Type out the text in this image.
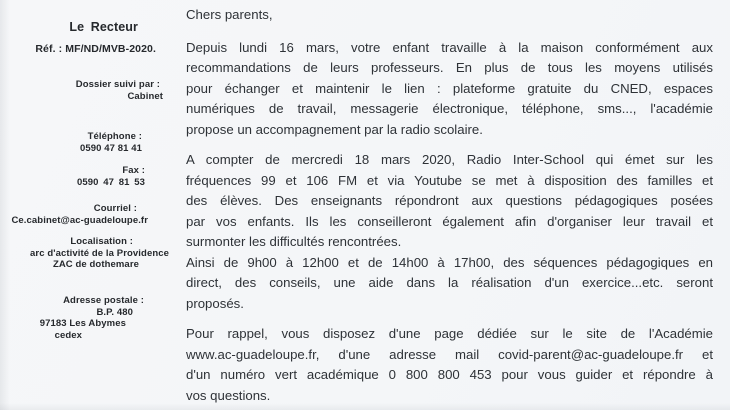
Le Recteur
Réf. : MF/ND/MVB-2020.
Dossier suivi par :
Cabinet
Téléphone :
0590 47 81 41
Fax :
0590 47 81 53
Courriel :
Ce.cabinet@ac-guadeloupe.fr
Localisation :
arc d'activité de la Providence
ZAC de dothemare
Adresse postale :
B.P. 480
97183 Les Abymes
cedex
Chers parents,

Depuis lundi 16 mars, votre enfant travaille à la maison conformément aux
recommandations de leurs professeurs. En plus de tous les moyens utilisés
pour échanger et maintenir le lien : plateforme gratuite du CNED, espaces
numériques de travail, messagerie électronique, téléphone, sms..., l'académie
propose un accompagnement par la radio scolaire.

A compter de mercredi 18 mars 2020, Radio Inter-School qui émet sur les
fréquences 99 et 106 FM et via Youtube se met à disposition des familles et
des élèves. Des enseignants répondront aux questions pédagogiques posées
par vos enfants. Ils les conseilleront également afin d'organiser leur travail et
surmonter les difficultés rencontrées.
Ainsi de 9h00 à 12h00 et de 14h00 à 17h00, des séquences pédagogiques en
direct, des conseils, une aide dans la réalisation d'un exercice...etc. seront
proposés.

Pour rappel, vous disposez d'une page dédiée sur le site de l'Académie
www.ac-guadeloupe.fr, d'une adresse mail covid-parent@ac-guadeloupe.fr et
d'un numéro vert académique 0 800 800 453 pour vous guider et répondre à
vos questions.
